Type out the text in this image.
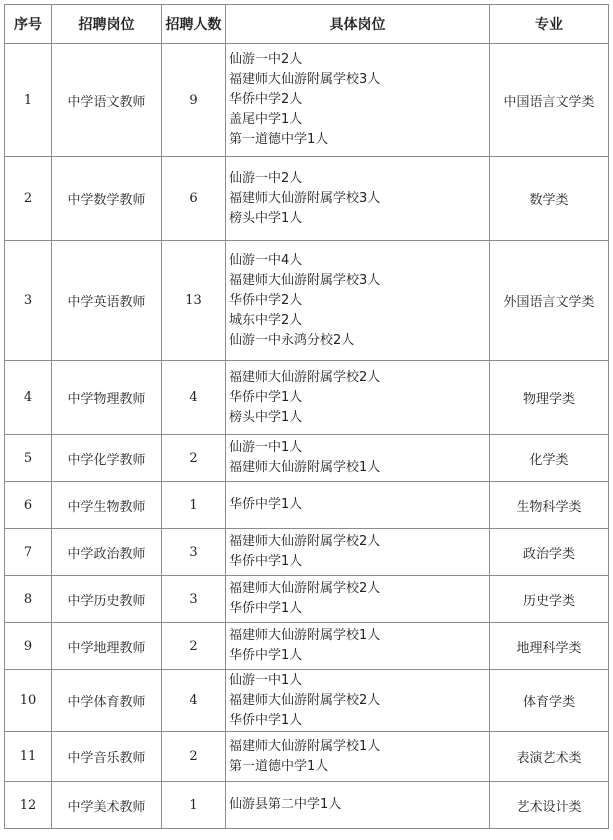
序号	招聘岗位	招聘人数	具体岗位	专业
1	中学语文教师	9	仙游一中2人
福建师大仙游附属学校3人
华侨中学2人
盖尾中学1人
第一道德中学1人	中国语言文学类
2	中学数学教师	6	仙游一中2人
福建师大仙游附属学校3人
榜头中学1人	数学类
3	中学英语教师	13	仙游一中4人
福建师大仙游附属学校3人
华侨中学2人
城东中学2人
仙游一中永鸿分校2人	外国语言文学类
4	中学物理教师	4	福建师大仙游附属学校2人
华侨中学1人
榜头中学1人	物理学类
5	中学化学教师	2	仙游一中1人
福建师大仙游附属学校1人	化学类
6	中学生物教师	1	华侨中学1人	生物科学类
7	中学政治教师	3	福建师大仙游附属学校2人
华侨中学1人	政治学类
8	中学历史教师	3	福建师大仙游附属学校2人
华侨中学1人	历史学类
9	中学地理教师	2	福建师大仙游附属学校1人
华侨中学1人	地理科学类
10	中学体育教师	4	仙游一中1人
福建师大仙游附属学校2人
华侨中学1人	体育学类
11	中学音乐教师	2	福建师大仙游附属学校1人
第一道德中学1人	表演艺术类
12	中学美术教师	1	仙游县第二中学1人	艺术设计类
